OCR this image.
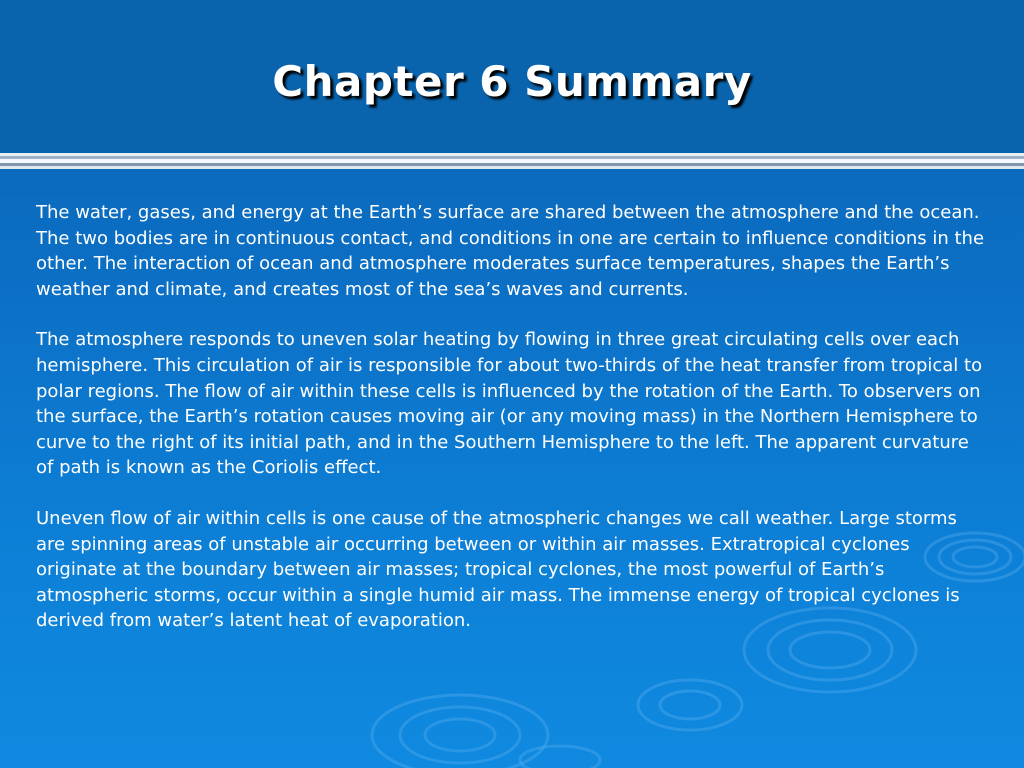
Chapter 6 Summary

The water, gases, and energy at the Earth’s surface are shared between the atmosphere and the ocean. The two bodies are in continuous contact, and conditions in one are certain to influence conditions in the other. The interaction of ocean and atmosphere moderates surface temperatures, shapes the Earth’s weather and climate, and creates most of the sea’s waves and currents.

The atmosphere responds to uneven solar heating by flowing in three great circulating cells over each hemisphere. This circulation of air is responsible for about two-thirds of the heat transfer from tropical to polar regions. The flow of air within these cells is influenced by the rotation of the Earth. To observers on the surface, the Earth’s rotation causes moving air (or any moving mass) in the Northern Hemisphere to curve to the right of its initial path, and in the Southern Hemisphere to the left. The apparent curvature of path is known as the Coriolis effect.

Uneven flow of air within cells is one cause of the atmospheric changes we call weather. Large storms are spinning areas of unstable air occurring between or within air masses. Extratropical cyclones originate at the boundary between air masses; tropical cyclones, the most powerful of Earth’s atmospheric storms, occur within a single humid air mass. The immense energy of tropical cyclones is derived from water’s latent heat of evaporation.
